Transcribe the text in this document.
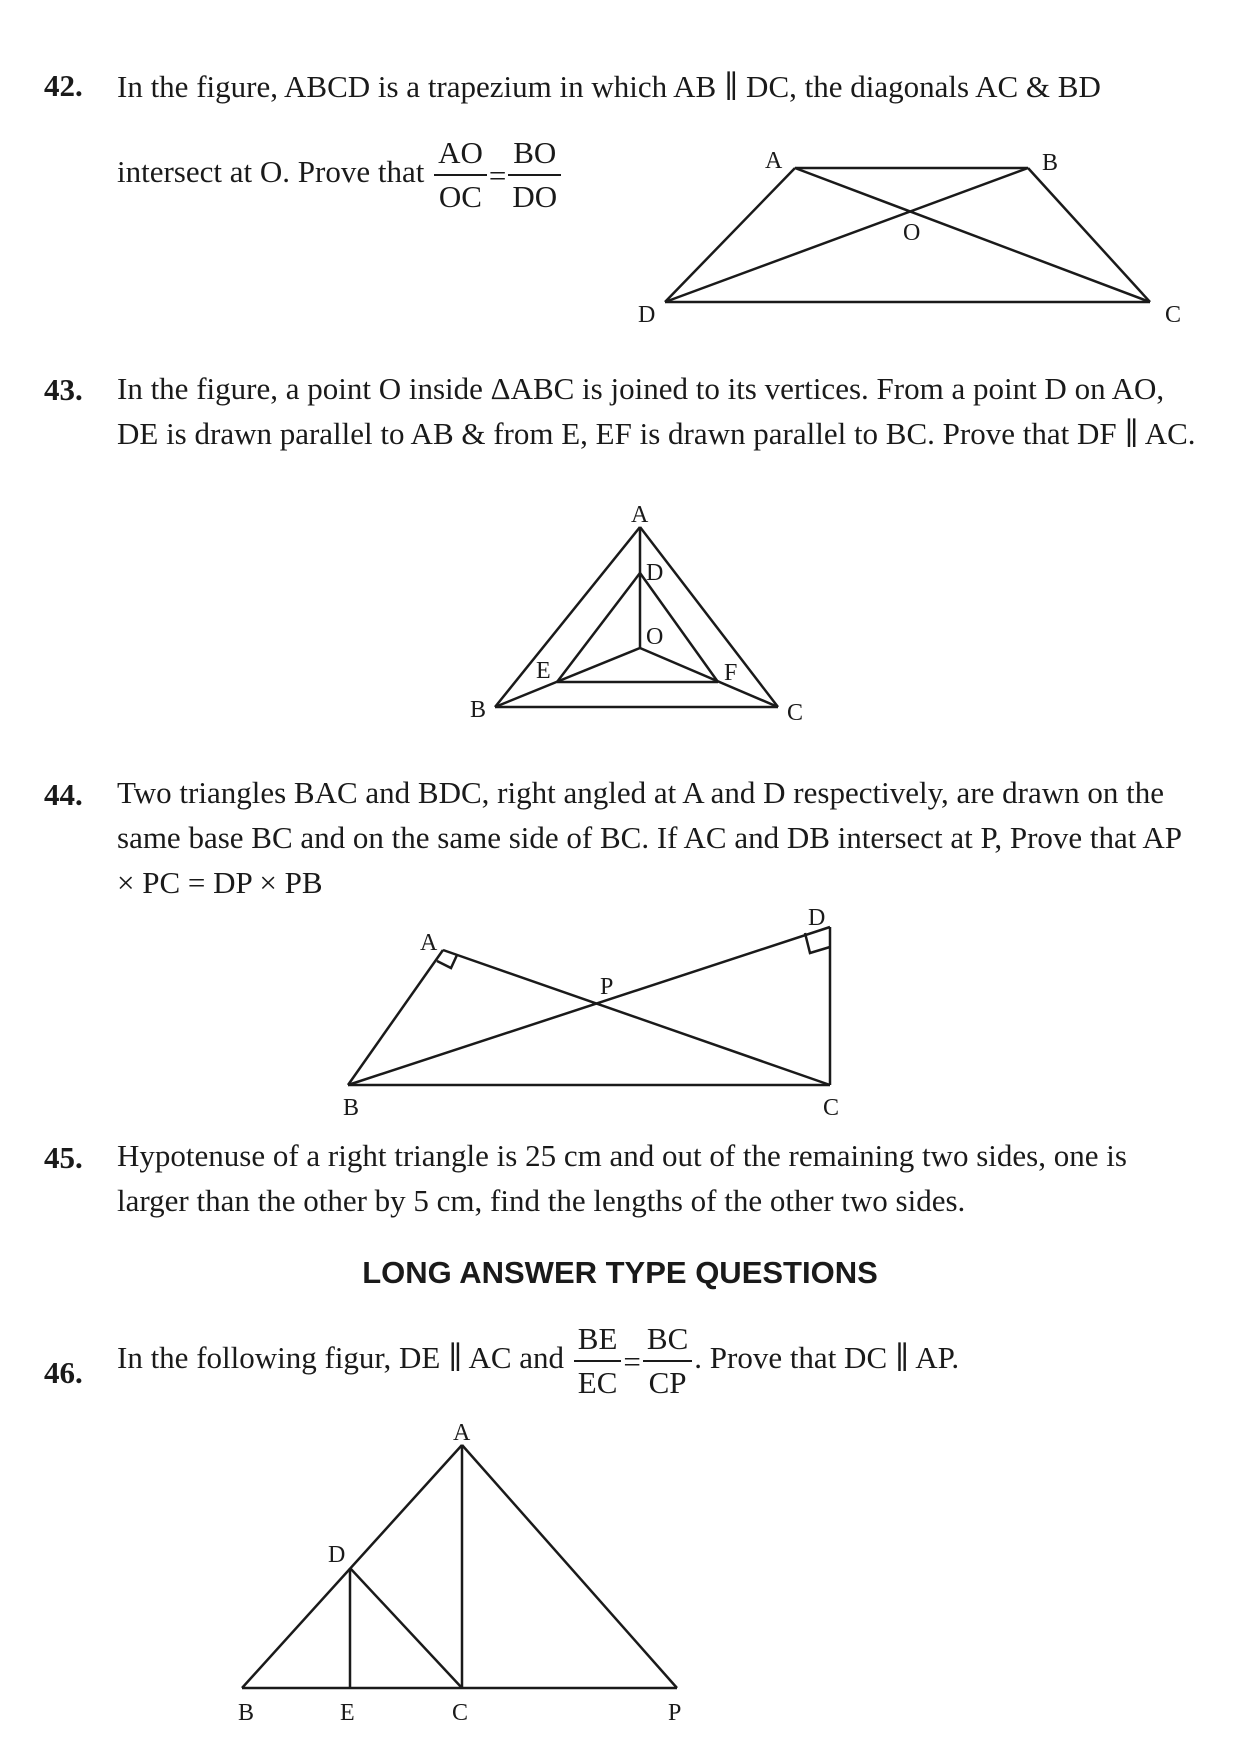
42. In the figure, ABCD is a trapezium in which AB ∥ DC, the diagonals AC & BD
intersect at O. Prove that $\frac{AO}{OC} = \frac{BO}{DO}$	A	B
C
D
O
43. In the figure, a point O inside ΔABC is joined to its vertices. From a point D on AO, DE is drawn parallel to AB & from E, EF is drawn parallel to BC. Prove that DF ∥ AC.
A
B	C
D
E	F
O
44. Two triangles BAC and BDC, right angled at A and D respectively, are drawn on the same base BC and on the same side of BC. If AC and DB intersect at P, Prove that AP × PC = DP × PB
A
B	C
D
P
45. Hypotenuse of a right triangle is 25 cm and out of the remaining two sides, one is larger than the other by 5 cm, find the lengths of the other two sides.
LONG ANSWER TYPE QUESTIONS
46. In the following figur, DE ∥ AC and $\frac{BE}{EC} = \frac{BC}{CP}$ . Prove that DC ∥ AP.
A
B	C
D
E	P
